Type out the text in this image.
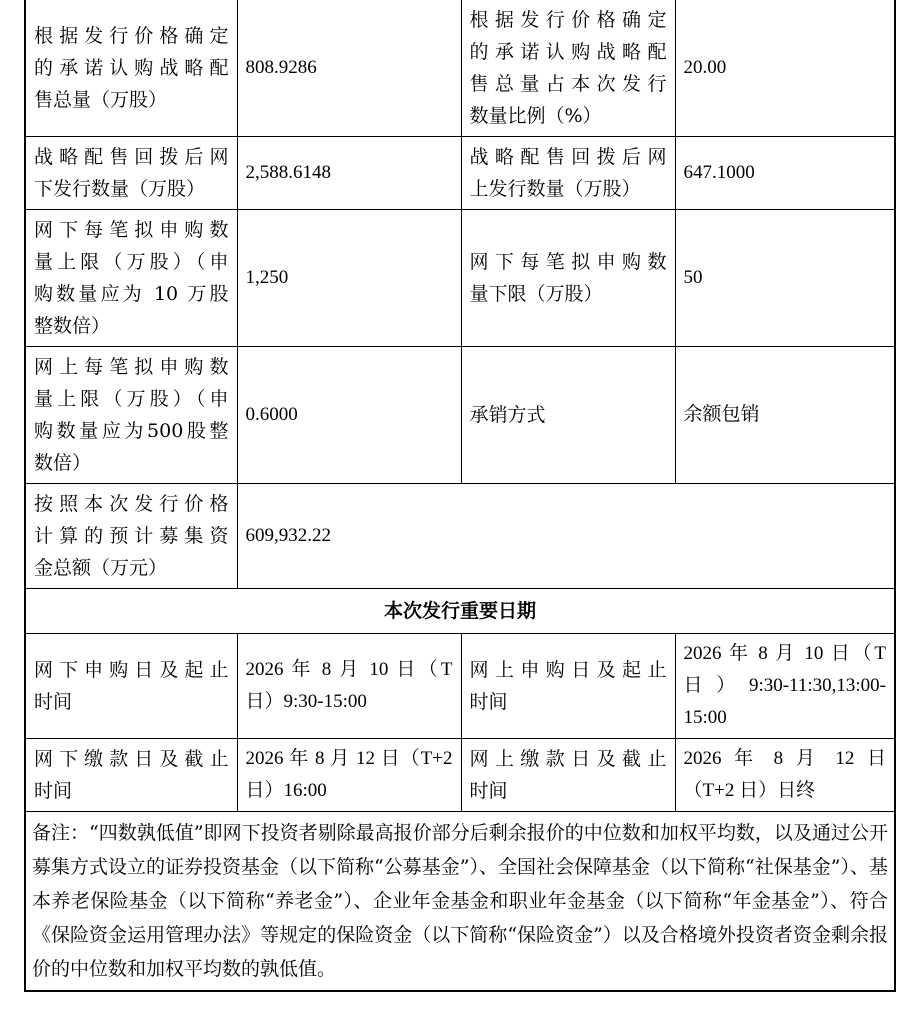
根据发行价格确定
的承诺认购战略配
售总量（万股）	808.9286	根据发行价格确定
的承诺认购战略配
售总量占本次发行
数量比例（%）	20.00

战略配售回拨后网
下发行数量（万股）	2,588.6148	战略配售回拨后网
上发行数量（万股）	647.1000

网下每笔拟申购数
量上限（万股）（申
购数量应为 10 万股
整数倍）	1,250	网下每笔拟申购数
量下限（万股）	50

网上每笔拟申购数
量上限（万股）（申
购数量应为500股整
数倍）	0.6000	承销方式	余额包销

按照本次发行价格
计算的预计募集资
金总额（万元）	609,932.22		
本次发行重要日期			

网下申购日及起止
时间	2026 年 8 月 10 日（T
日）9:30-15:00	网上申购日及起止
时间	2026 年 8 月 10 日（T
日）9:30-11:30,13:00-
15:00

网下缴款日及截止
时间	2026 年 8 月 12 日（T+2
日）16:00	网上缴款日及截止
时间	2026 年 8 月 12 日
（T+2 日）日终

备注：“四数孰低值”即网下投资者剔除最高报价部分后剩余报价的中位数和加权平均数，以及通过公开募集方式设立的证券投资基金（以下简称“公募基金”）、全国社会保障基金（以下简称“社保基金”）、基本养老保险基金（以下简称“养老金”）、企业年金基金和职业年金基金（以下简称“年金基金”）、符合《保险资金运用管理办法》等规定的保险资金（以下简称“保险资金”）以及合格境外投资者资金剩余报价的中位数和加权平均数的孰低值。			
